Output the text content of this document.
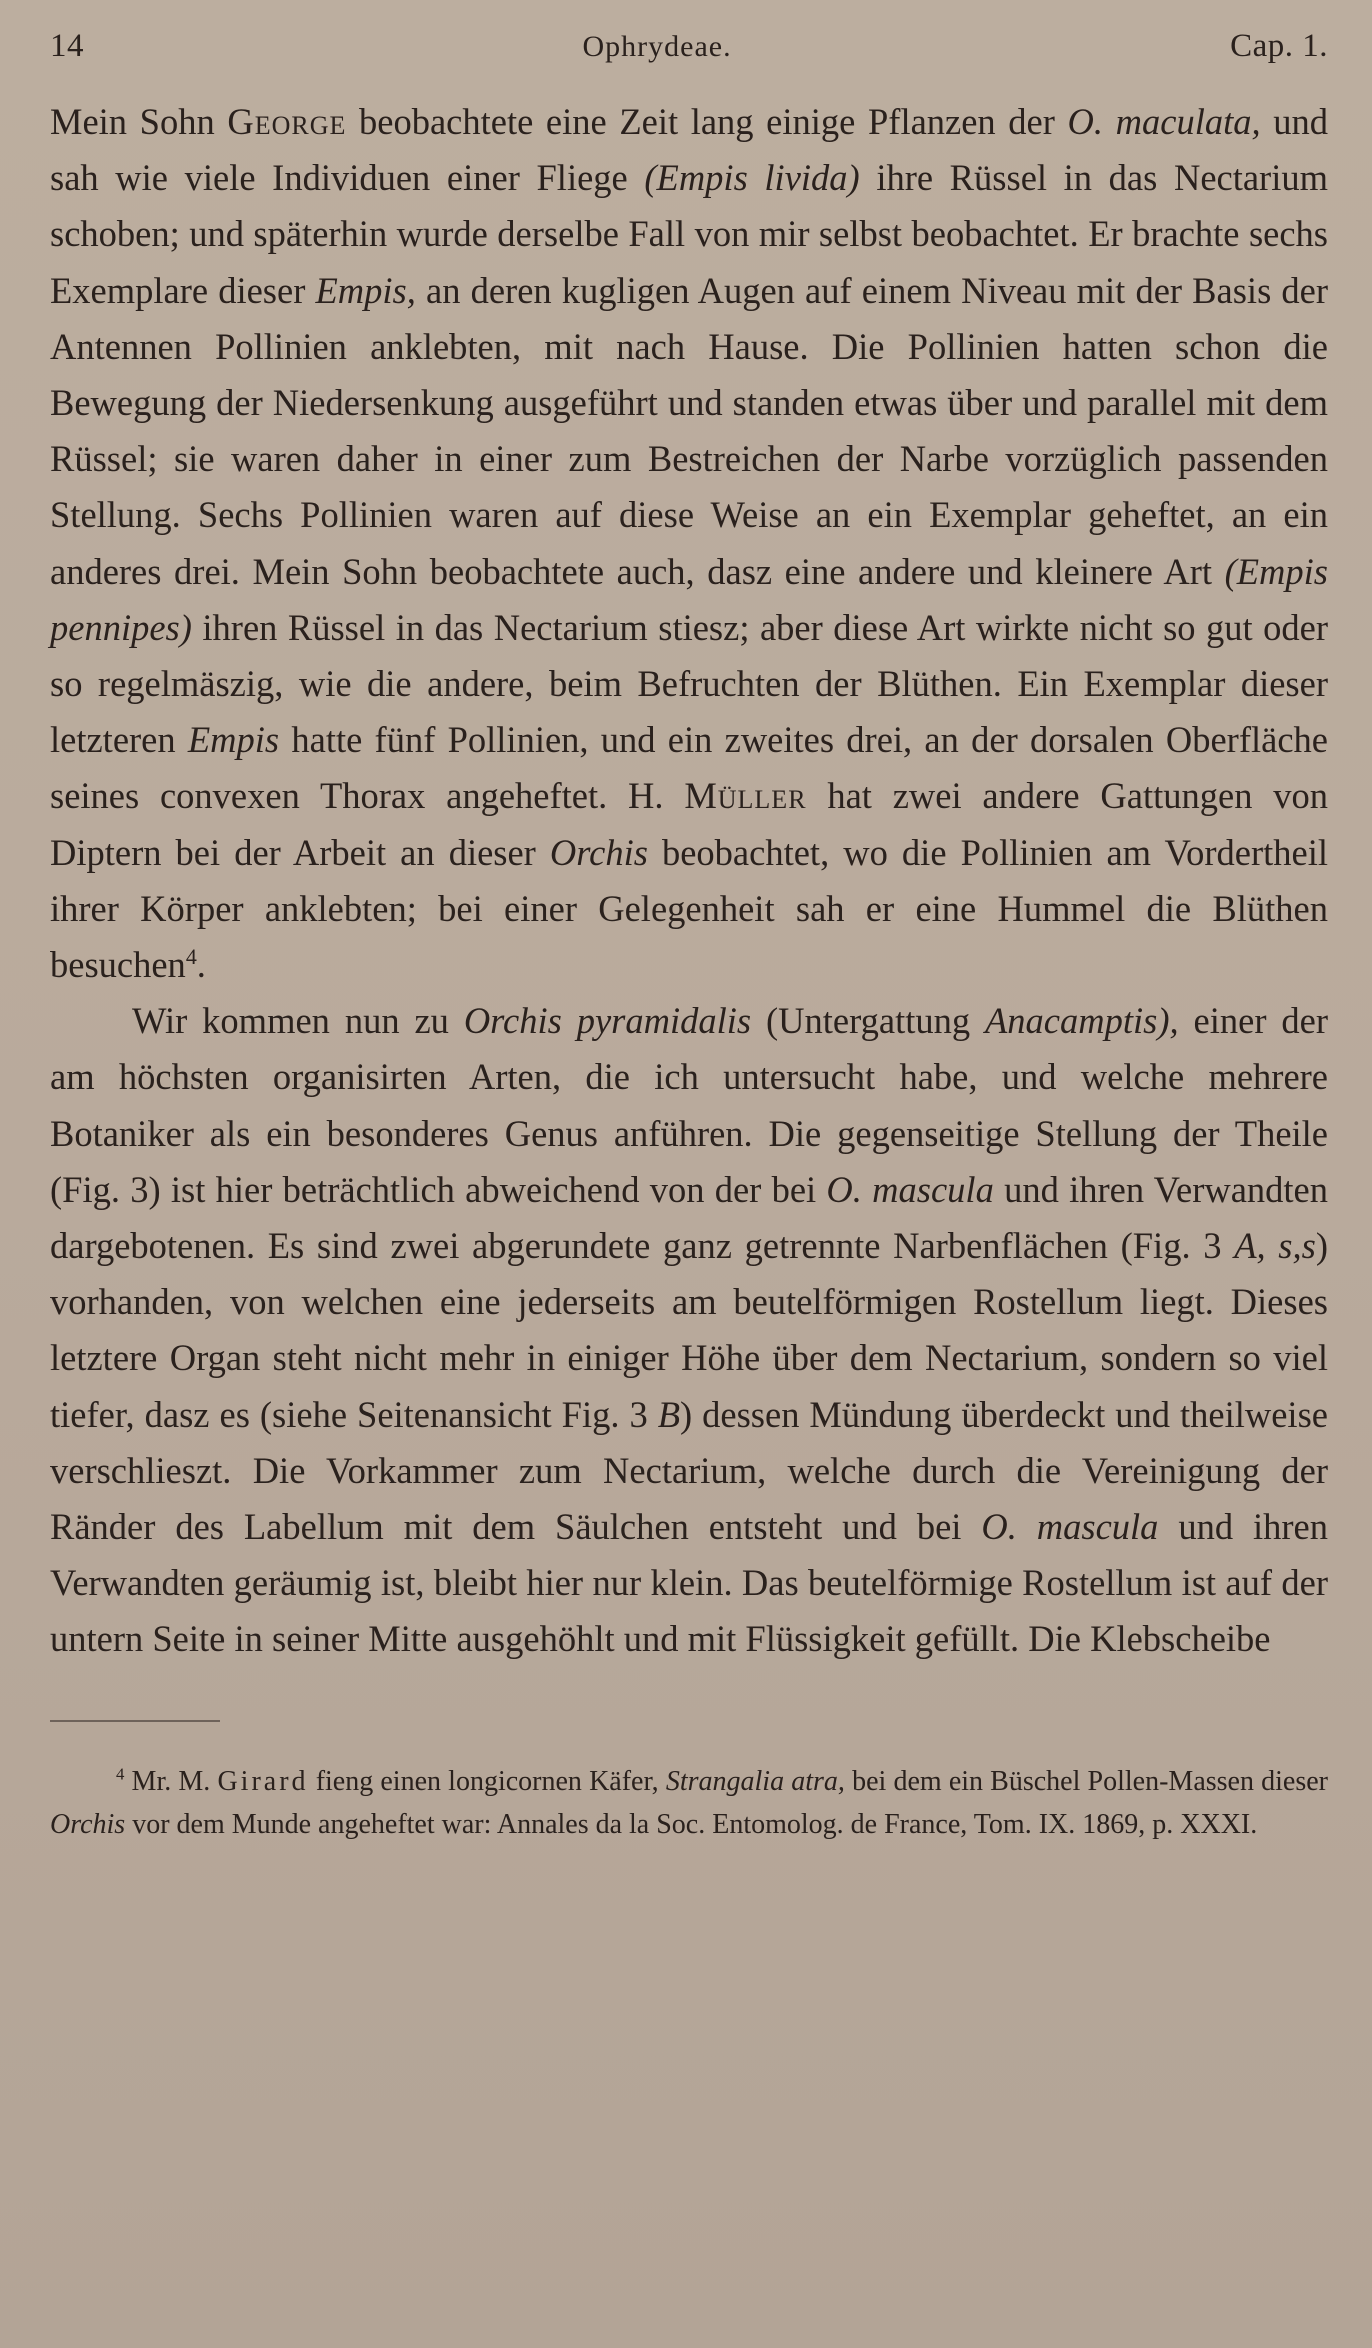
14	Ophrydeae.	Cap. 1.

Mein Sohn George beobachtete eine Zeit lang einige Pflanzen der O. maculata, und sah wie viele Individuen einer Fliege (Empis livida) ihre Rüssel in das Nectarium schoben; und späterhin wurde derselbe Fall von mir selbst beobachtet. Er brachte sechs Exemplare dieser Empis, an deren kugligen Augen auf einem Niveau mit der Basis der Antennen Pollinien anklebten, mit nach Hause. Die Pollinien hatten schon die Bewegung der Niedersenkung ausgeführt und standen etwas über und parallel mit dem Rüssel; sie waren daher in einer zum Bestreichen der Narbe vorzüglich passenden Stellung. Sechs Pollinien waren auf diese Weise an ein Exemplar geheftet, an ein anderes drei. Mein Sohn beobachtete auch, dasz eine andere und kleinere Art (Empis pennipes) ihren Rüssel in das Nectarium stiesz; aber diese Art wirkte nicht so gut oder so regelmäszig, wie die andere, beim Befruchten der Blüthen. Ein Exemplar dieser letzteren Empis hatte fünf Pollinien, und ein zweites drei, an der dorsalen Oberfläche seines convexen Thorax angeheftet. H. Müller hat zwei andere Gattungen von Diptern bei der Arbeit an dieser Orchis beobachtet, wo die Pollinien am Vordertheil ihrer Körper anklebten; bei einer Gelegenheit sah er eine Hummel die Blüthen besuchen$^4$.

Wir kommen nun zu Orchis pyramidalis (Untergattung Anacamptis), einer der am höchsten organisirten Arten, die ich untersucht habe, und welche mehrere Botaniker als ein besonderes Genus anführen. Die gegenseitige Stellung der Theile (Fig. 3) ist hier beträchtlich abweichend von der bei O. mascula und ihren Verwandten dargebotenen. Es sind zwei abgerundete ganz getrennte Narbenflächen (Fig. 3 A, s,s) vorhanden, von welchen eine jederseits am beutelförmigen Rostellum liegt. Dieses letztere Organ steht nicht mehr in einiger Höhe über dem Nectarium, sondern so viel tiefer, dasz es (siehe Seitenansicht Fig. 3 B) dessen Mündung überdeckt und theilweise verschlieszt. Die Vorkammer zum Nectarium, welche durch die Vereinigung der Ränder des Labellum mit dem Säulchen entsteht und bei O. mascula und ihren Verwandten geräumig ist, bleibt hier nur klein. Das beutelförmige Rostellum ist auf der untern Seite in seiner Mitte ausgehöhlt und mit Flüssigkeit gefüllt. Die Klebscheibe

$^4$ Mr. M. Girard fieng einen longicornen Käfer, Strangalia atra, bei dem ein Büschel Pollen-Massen dieser Orchis vor dem Munde angeheftet war: Annales da la Soc. Entomolog. de France, Tom. IX. 1869, p. XXXI.
